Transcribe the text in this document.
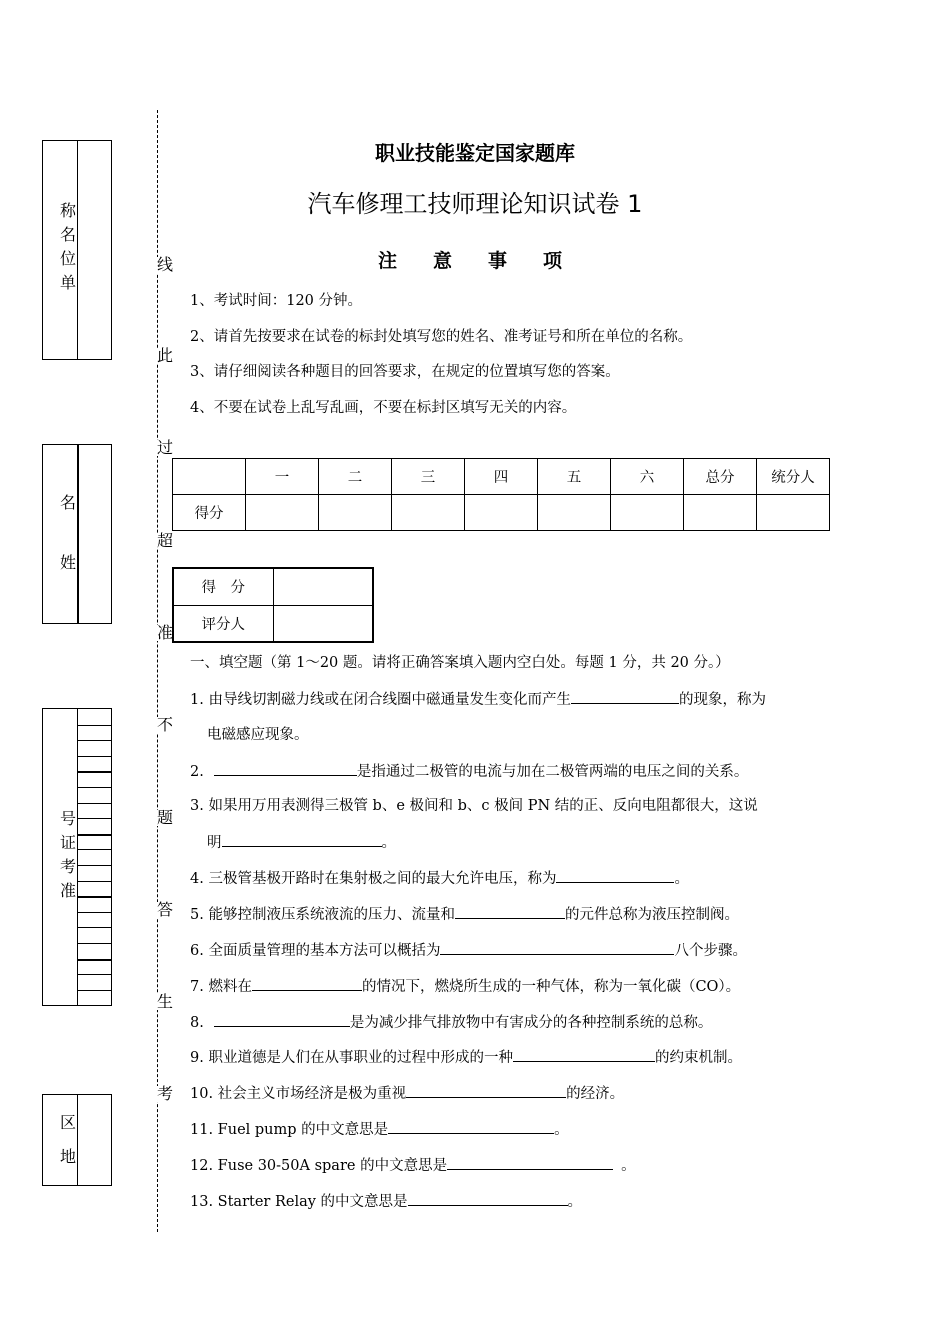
称
名
位
单
名
姓
号
证
考
准
区
地
线
此
过
超
准
不
题
答
生
考
职业技能鉴定国家题库
汽车修理工技师理论知识试卷 1
注意事项
1、考试时间：120 分钟。
2、请首先按要求在试卷的标封处填写您的姓名、准考证号和所在单位的名称。
3、请仔细阅读各种题目的回答要求，在规定的位置填写您的答案。
4、不要在试卷上乱写乱画，不要在标封区填写无关的内容。
	一	二	三	四	五	六	总分	统分人
得分								
得　分	
评分人	
一、填空题（第 1～20 题。请将正确答案填入题内空白处。每题 1 分，共 20 分。）
1. 由导线切割磁力线或在闭合线圈中磁通量发生变化而产生	的现象，称为
电磁感应现象。
2.	是指通过二极管的电流与加在二极管两端的电压之间的关系。
3. 如果用万用表测得三极管 b、e 极间和 b、c 极间 PN 结的正、反向电阻都很大，这说
明	。
4. 三极管基极开路时在集射极之间的最大允许电压，称为	。
5. 能够控制液压系统液流的压力、流量和	的元件总称为液压控制阀。
6. 全面质量管理的基本方法可以概括为	八个步骤。
7. 燃料在	的情况下，燃烧所生成的一种气体，称为一氧化碳（CO）。
8.	是为减少排气排放物中有害成分的各种控制系统的总称。
9. 职业道德是人们在从事职业的过程中形成的一种	的约束机制。
10. 社会主义市场经济是极为重视	的经济。
11. Fuel pump 的中文意思是	。
12. Fuse 30-50A spare 的中文意思是	。
13. Starter Relay 的中文意思是	。
